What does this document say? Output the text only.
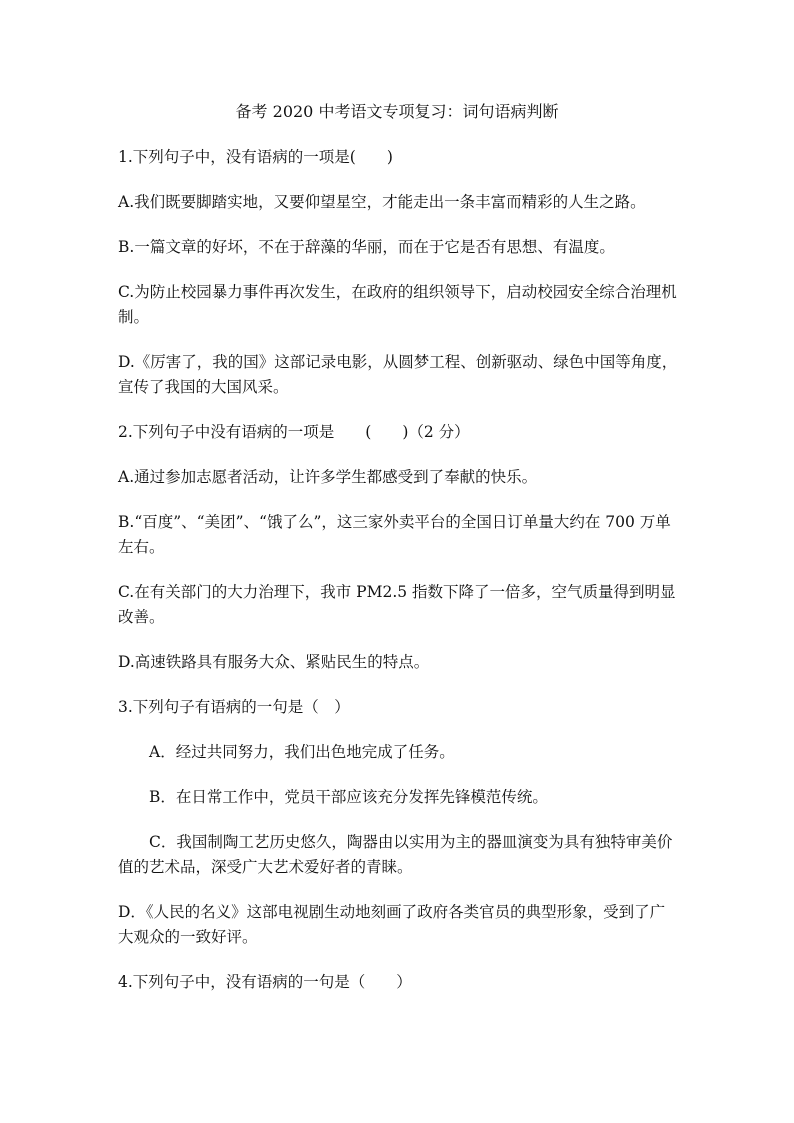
备考 2020 中考语文专项复习：词句语病判断

1.下列句子中，没有语病的一项是(　　)

A.我们既要脚踏实地，又要仰望星空，才能走出一条丰富而精彩的人生之路。

B.一篇文章的好坏，不在于辞藻的华丽，而在于它是否有思想、有温度。

C.为防止校园暴力事件再次发生，在政府的组织领导下，启动校园安全综合治理机制。

D.《厉害了，我的国》这部记录电影，从圆梦工程、创新驱动、绿色中国等角度，宣传了我国的大国风采。

2.下列句子中没有语病的一项是　　(　　)（2 分）

A.通过参加志愿者活动，让许多学生都感受到了奉献的快乐。

B.“百度”、“美团”、“饿了么”，这三家外卖平台的全国日订单量大约在 700 万单左右。

C.在有关部门的大力治理下，我市 PM2.5 指数下降了一倍多，空气质量得到明显改善。

D.高速铁路具有服务大众、紧贴民生的特点。

3.下列句子有语病的一句是（　）

A．经过共同努力，我们出色地完成了任务。

B．在日常工作中，党员干部应该充分发挥先锋模范传统。

C．我国制陶工艺历史悠久，陶器由以实用为主的器皿演变为具有独特审美价值的艺术品，深受广大艺术爱好者的青睐。

D．《人民的名义》这部电视剧生动地刻画了政府各类官员的典型形象，受到了广大观众的一致好评。

4.下列句子中，没有语病的一句是（　　）
